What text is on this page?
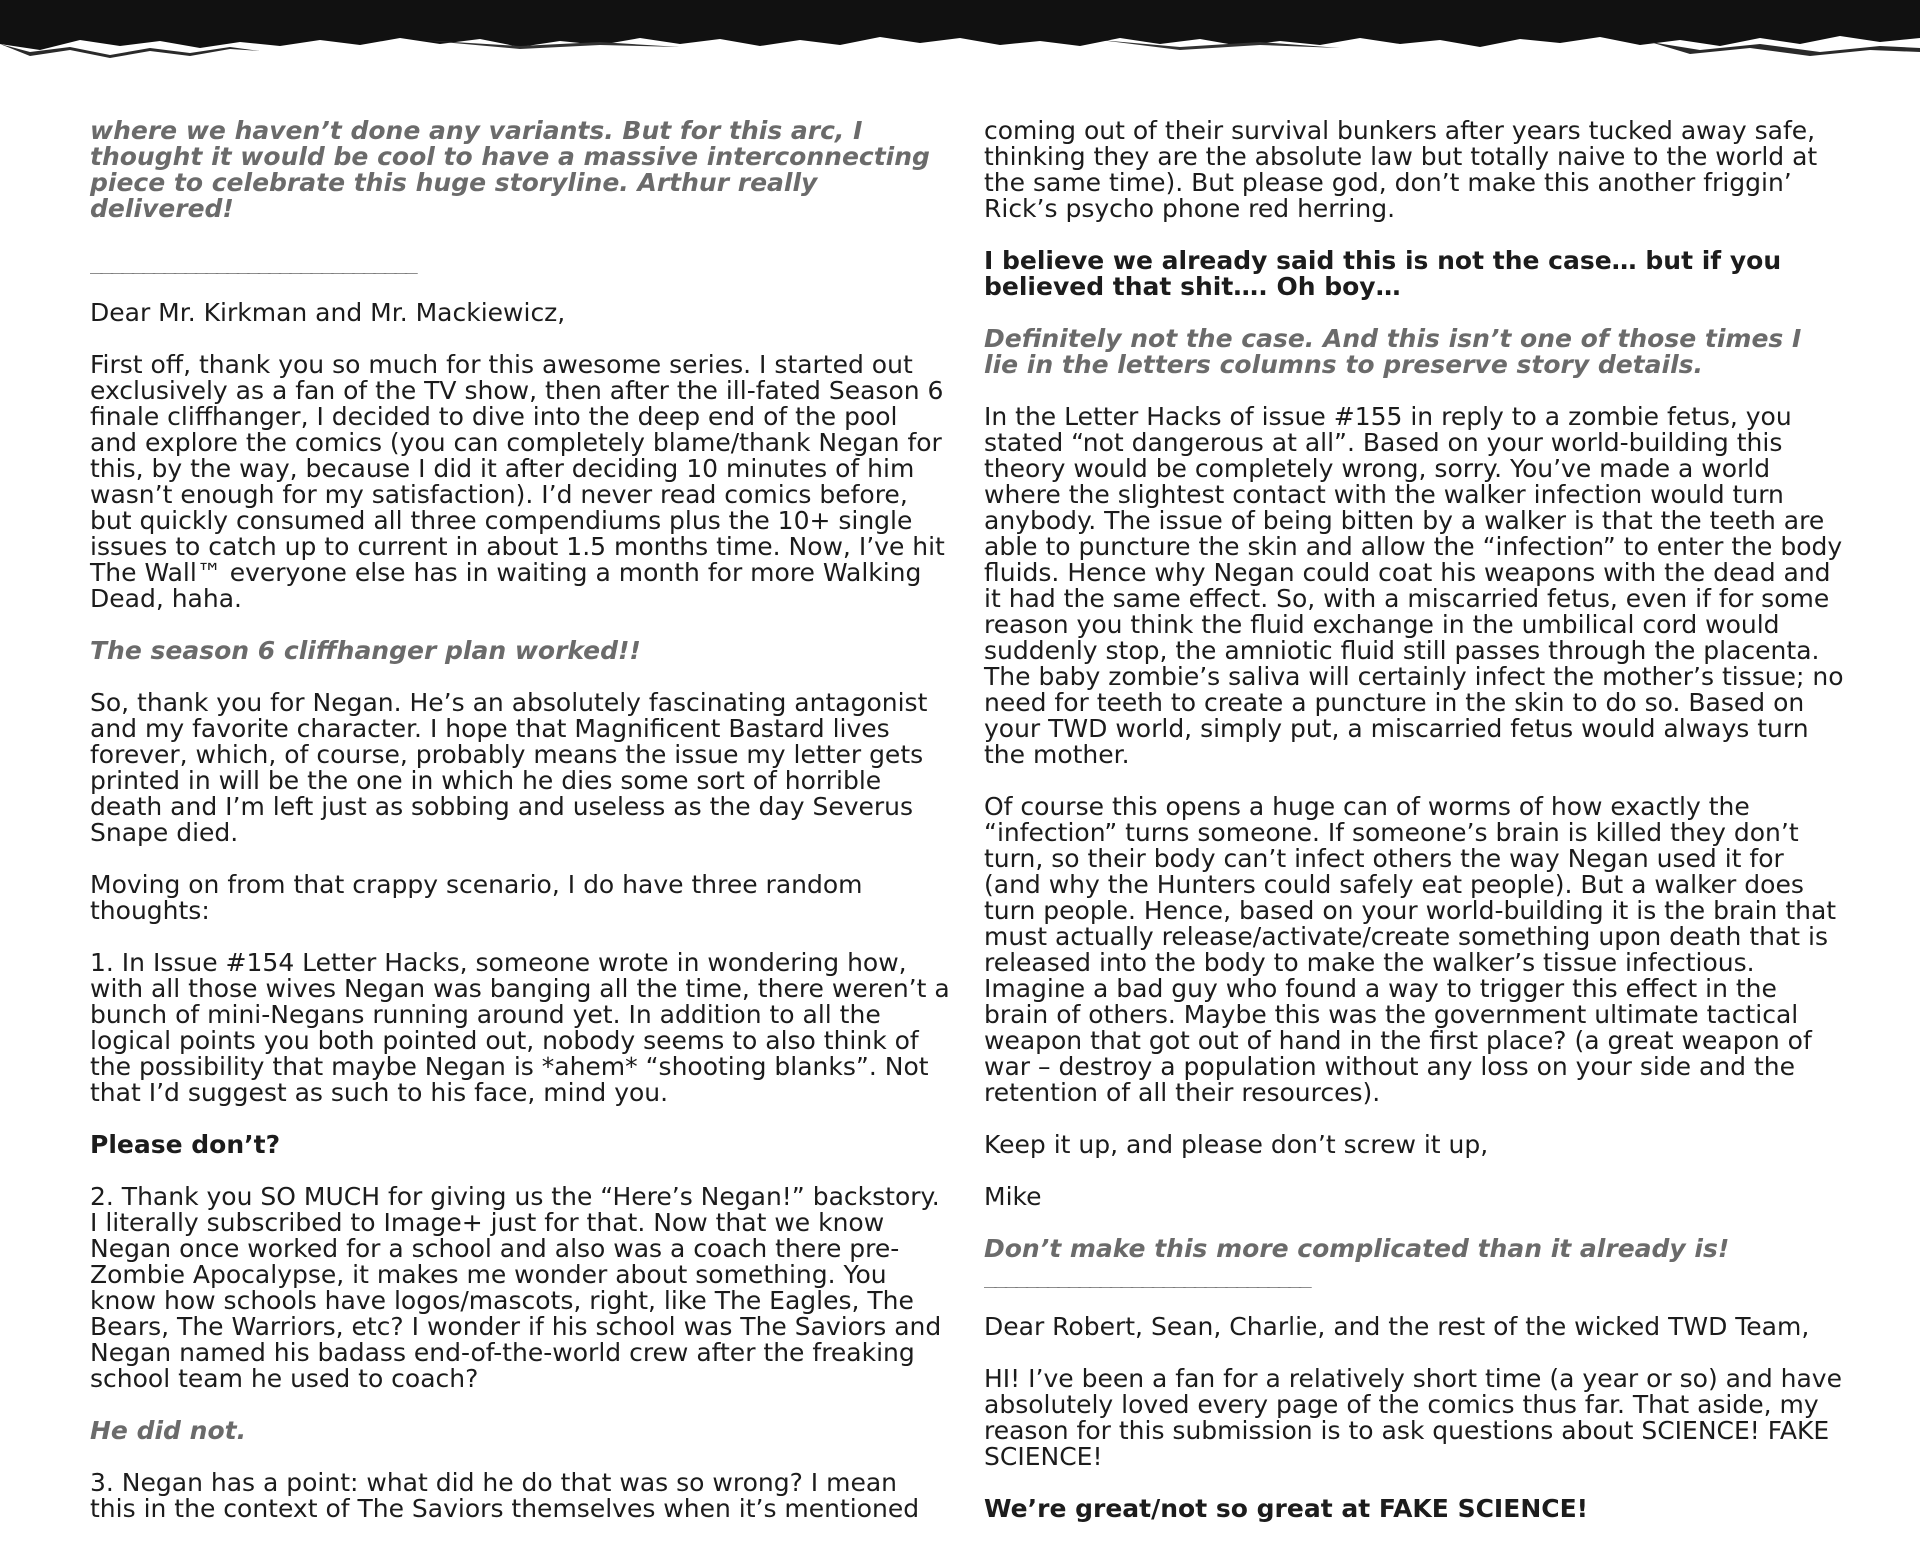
where we haven’t done any variants. But for this arc, I thought it would be cool to have a massive interconnecting piece to celebrate this huge storyline. Arthur really delivered!

_______________________________

Dear Mr. Kirkman and Mr. Mackiewicz,

First off, thank you so much for this awesome series. I started out exclusively as a fan of the TV show, then after the ill-fated Season 6 finale cliffhanger, I decided to dive into the deep end of the pool and explore the comics (you can completely blame/thank Negan for this, by the way, because I did it after deciding 10 minutes of him wasn’t enough for my satisfaction). I’d never read comics before, but quickly consumed all three compendiums plus the 10+ single issues to catch up to current in about 1.5 months time. Now, I’ve hit The Wall™ everyone else has in waiting a month for more Walking Dead, haha.

The season 6 cliffhanger plan worked!!

So, thank you for Negan. He’s an absolutely fascinating antagonist and my favorite character. I hope that Magnificent Bastard lives forever, which, of course, probably means the issue my letter gets printed in will be the one in which he dies some sort of horrible death and I’m left just as sobbing and useless as the day Severus Snape died.

Moving on from that crappy scenario, I do have three random thoughts:

1. In Issue #154 Letter Hacks, someone wrote in wondering how, with all those wives Negan was banging all the time, there weren’t a bunch of mini-Negans running around yet. In addition to all the logical points you both pointed out, nobody seems to also think of the possibility that maybe Negan is *ahem* “shooting blanks”. Not that I’d suggest as such to his face, mind you.

Please don’t?

2. Thank you SO MUCH for giving us the “Here’s Negan!” backstory. I literally subscribed to Image+ just for that. Now that we know Negan once worked for a school and also was a coach there pre-Zombie Apocalypse, it makes me wonder about something. You know how schools have logos/mascots, right, like The Eagles, The Bears, The Warriors, etc? I wonder if his school was The Saviors and Negan named his badass end-of-the-world crew after the freaking school team he used to coach?

He did not.

3. Negan has a point: what did he do that was so wrong? I mean this in the context of The Saviors themselves when it’s mentioned

coming out of their survival bunkers after years tucked away safe, thinking they are the absolute law but totally naive to the world at the same time). But please god, don’t make this another friggin’ Rick’s psycho phone red herring.

I believe we already said this is not the case… but if you believed that shit…. Oh boy…

Definitely not the case. And this isn’t one of those times I lie in the letters columns to preserve story details.

In the Letter Hacks of issue #155 in reply to a zombie fetus, you stated “not dangerous at all”. Based on your world-building this theory would be completely wrong, sorry. You’ve made a world where the slightest contact with the walker infection would turn anybody. The issue of being bitten by a walker is that the teeth are able to puncture the skin and allow the “infection” to enter the body fluids. Hence why Negan could coat his weapons with the dead and it had the same effect. So, with a miscarried fetus, even if for some reason you think the fluid exchange in the umbilical cord would suddenly stop, the amniotic fluid still passes through the placenta. The baby zombie’s saliva will certainly infect the mother’s tissue; no need for teeth to create a puncture in the skin to do so. Based on your TWD world, simply put, a miscarried fetus would always turn the mother.

Of course this opens a huge can of worms of how exactly the “infection” turns someone. If someone’s brain is killed they don’t turn, so their body can’t infect others the way Negan used it for (and why the Hunters could safely eat people). But a walker does turn people. Hence, based on your world-building it is the brain that must actually release/activate/create something upon death that is released into the body to make the walker’s tissue infectious. Imagine a bad guy who found a way to trigger this effect in the brain of others. Maybe this was the government ultimate tactical weapon that got out of hand in the first place? (a great weapon of war – destroy a population without any loss on your side and the retention of all their resources).

Keep it up, and please don’t screw it up,

Mike

Don’t make this more complicated than it already is!

_______________________________

Dear Robert, Sean, Charlie, and the rest of the wicked TWD Team,

HI! I’ve been a fan for a relatively short time (a year or so) and have absolutely loved every page of the comics thus far. That aside, my reason for this submission is to ask questions about SCIENCE! FAKE SCIENCE!

We’re great/not so great at FAKE SCIENCE!
